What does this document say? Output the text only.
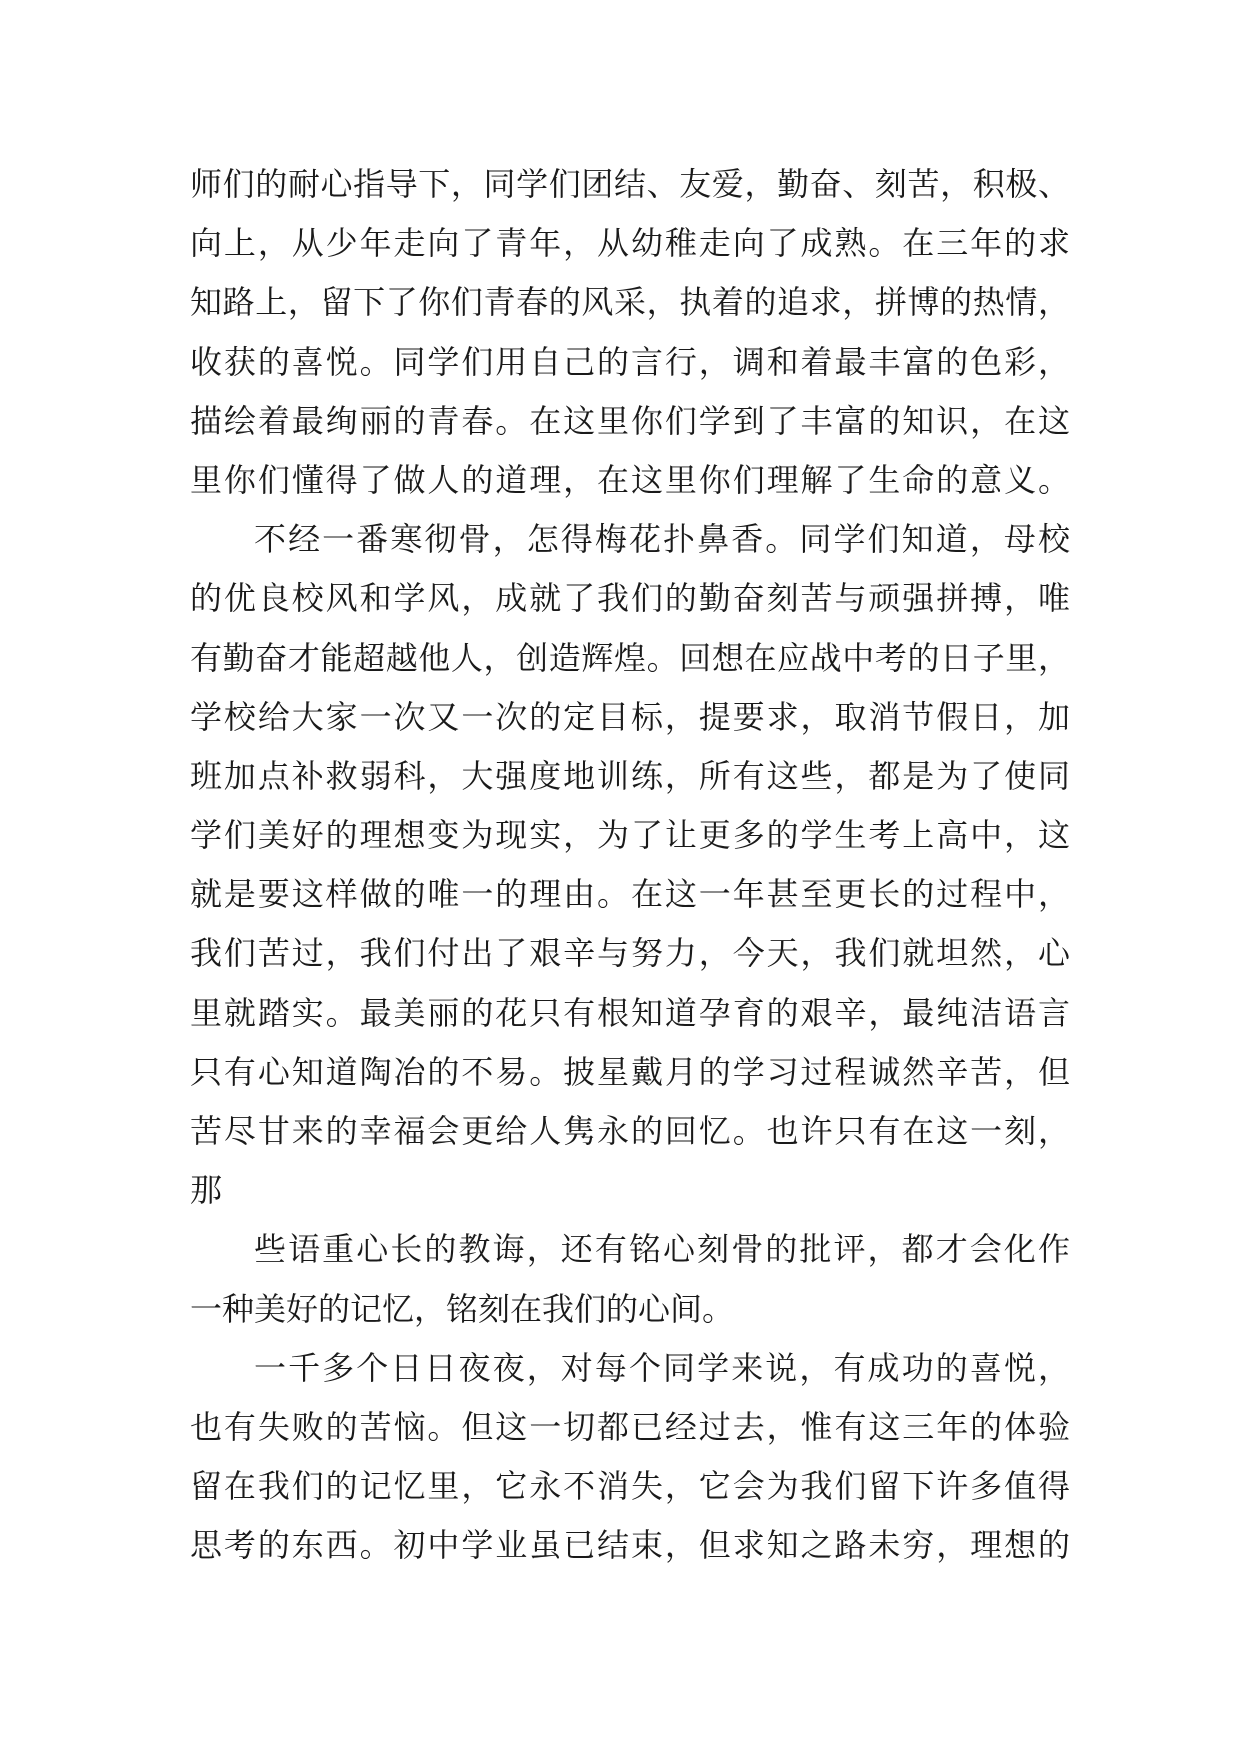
师们的耐心指导下，同学们团结、友爱，勤奋、刻苦，积极、
向上，从少年走向了青年，从幼稚走向了成熟。在三年的求
知路上，留下了你们青春的风采，执着的追求，拼博的热情，
收获的喜悦。同学们用自己的言行，调和着最丰富的色彩，
描绘着最绚丽的青春。在这里你们学到了丰富的知识，在这
里你们懂得了做人的道理，在这里你们理解了生命的意义。
不经一番寒彻骨，怎得梅花扑鼻香。同学们知道，母校
的优良校风和学风，成就了我们的勤奋刻苦与顽强拼搏，唯
有勤奋才能超越他人，创造辉煌。回想在应战中考的日子里，
学校给大家一次又一次的定目标，提要求，取消节假日，加
班加点补救弱科，大强度地训练，所有这些，都是为了使同
学们美好的理想变为现实，为了让更多的学生考上高中，这
就是要这样做的唯一的理由。在这一年甚至更长的过程中，
我们苦过，我们付出了艰辛与努力，今天，我们就坦然，心
里就踏实。最美丽的花只有根知道孕育的艰辛，最纯洁语言
只有心知道陶冶的不易。披星戴月的学习过程诚然辛苦，但
苦尽甘来的幸福会更给人隽永的回忆。也许只有在这一刻，
那
些语重心长的教诲，还有铭心刻骨的批评，都才会化作
一种美好的记忆，铭刻在我们的心间。
一千多个日日夜夜，对每个同学来说，有成功的喜悦，
也有失败的苦恼。但这一切都已经过去，惟有这三年的体验
留在我们的记忆里，它永不消失，它会为我们留下许多值得
思考的东西。初中学业虽已结束，但求知之路未穷，理想的
